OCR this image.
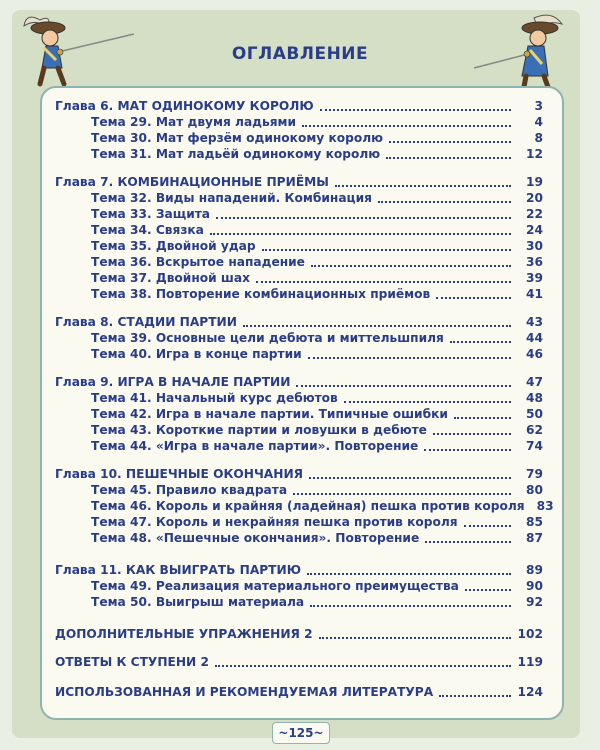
ОГЛАВЛЕНИЕ
Глава 6. МАТ ОДИНОКОМУ КОРОЛЮ	3
Тема 29. Мат двумя ладьями	4
Тема 30. Мат ферзём одинокому королю	8
Тема 31. Мат ладьёй одинокому королю	12
Глава 7. КОМБИНАЦИОННЫЕ ПРИЁМЫ	19
Тема 32. Виды нападений. Комбинация	20
Тема 33. Защита	22
Тема 34. Связка	24
Тема 35. Двойной удар	30
Тема 36. Вскрытое нападение	36
Тема 37. Двойной шах	39
Тема 38. Повторение комбинационных приёмов	41
Глава 8. СТАДИИ ПАРТИИ	43
Тема 39. Основные цели дебюта и миттельшпиля	44
Тема 40. Игра в конце партии	46
Глава 9. ИГРА В НАЧАЛЕ ПАРТИИ	47
Тема 41. Начальный курс дебютов	48
Тема 42. Игра в начале партии. Типичные ошибки	50
Тема 43. Короткие партии и ловушки в дебюте	62
Тема 44. «Игра в начале партии». Повторение	74
Глава 10. ПЕШЕЧНЫЕ ОКОНЧАНИЯ	79
Тема 45. Правило квадрата	80
Тема 46. Король и крайняя (ладейная) пешка против короля 83
Тема 47. Король и некрайняя пешка против короля	85
Тема 48. «Пешечные окончания». Повторение	87
Глава 11. КАК ВЫИГРАТЬ ПАРТИЮ	89
Тема 49. Реализация материального преимущества	90
Тема 50. Выигрыш материала	92
ДОПОЛНИТЕЛЬНЫЕ УПРАЖНЕНИЯ 2	102
ОТВЕТЫ К СТУПЕНИ 2	119
ИСПОЛЬЗОВАННАЯ И РЕКОМЕНДУЕМАЯ ЛИТЕРАТУРА	124
~125~
